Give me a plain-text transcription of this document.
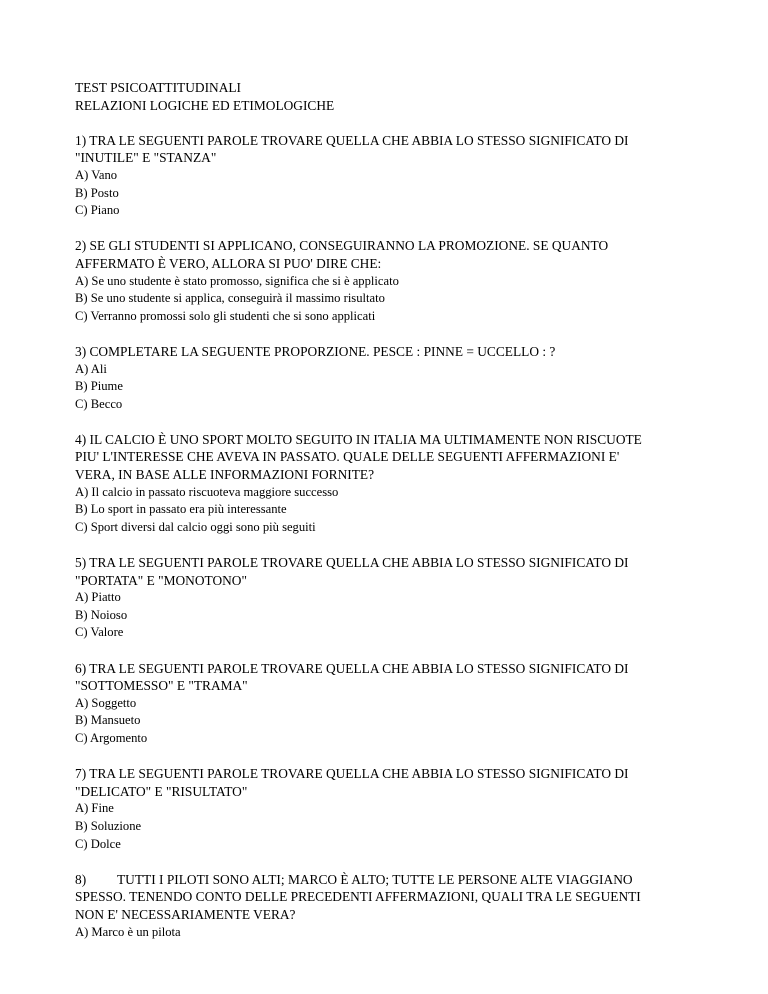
TEST PSICOATTITUDINALI
RELAZIONI LOGICHE ED ETIMOLOGICHE
1) TRA LE SEGUENTI PAROLE TROVARE QUELLA CHE ABBIA LO STESSO SIGNIFICATO DI
"INUTILE" E "STANZA"
A) Vano
B) Posto
C) Piano
2) SE GLI STUDENTI SI APPLICANO, CONSEGUIRANNO LA PROMOZIONE. SE QUANTO
AFFERMATO È VERO, ALLORA SI PUO' DIRE CHE:
A) Se uno studente è stato promosso, significa che si è applicato
B) Se uno studente si applica, conseguirà il massimo risultato
C) Verranno promossi solo gli studenti che si sono applicati
3) COMPLETARE LA SEGUENTE PROPORZIONE. PESCE : PINNE = UCCELLO : ?
A) Ali
B) Piume
C) Becco
4) IL CALCIO È UNO SPORT MOLTO SEGUITO IN ITALIA MA ULTIMAMENTE NON RISCUOTE
PIU' L'INTERESSE CHE AVEVA IN PASSATO. QUALE DELLE SEGUENTI AFFERMAZIONI E'
VERA, IN BASE ALLE INFORMAZIONI FORNITE?
A) Il calcio in passato riscuoteva maggiore successo
B) Lo sport in passato era più interessante
C) Sport diversi dal calcio oggi sono più seguiti
5) TRA LE SEGUENTI PAROLE TROVARE QUELLA CHE ABBIA LO STESSO SIGNIFICATO DI
"PORTATA" E "MONOTONO"
A) Piatto
B) Noioso
C) Valore
6) TRA LE SEGUENTI PAROLE TROVARE QUELLA CHE ABBIA LO STESSO SIGNIFICATO DI
"SOTTOMESSO" E "TRAMA"
A) Soggetto
B) Mansueto
C) Argomento
7) TRA LE SEGUENTI PAROLE TROVARE QUELLA CHE ABBIA LO STESSO SIGNIFICATO DI
"DELICATO" E "RISULTATO"
A) Fine
B) Soluzione
C) Dolce
8) TUTTI I PILOTI SONO ALTI; MARCO È ALTO; TUTTE LE PERSONE ALTE VIAGGIANO
SPESSO. TENENDO CONTO DELLE PRECEDENTI AFFERMAZIONI, QUALI TRA LE SEGUENTI
NON E' NECESSARIAMENTE VERA?
A) Marco è un pilota
